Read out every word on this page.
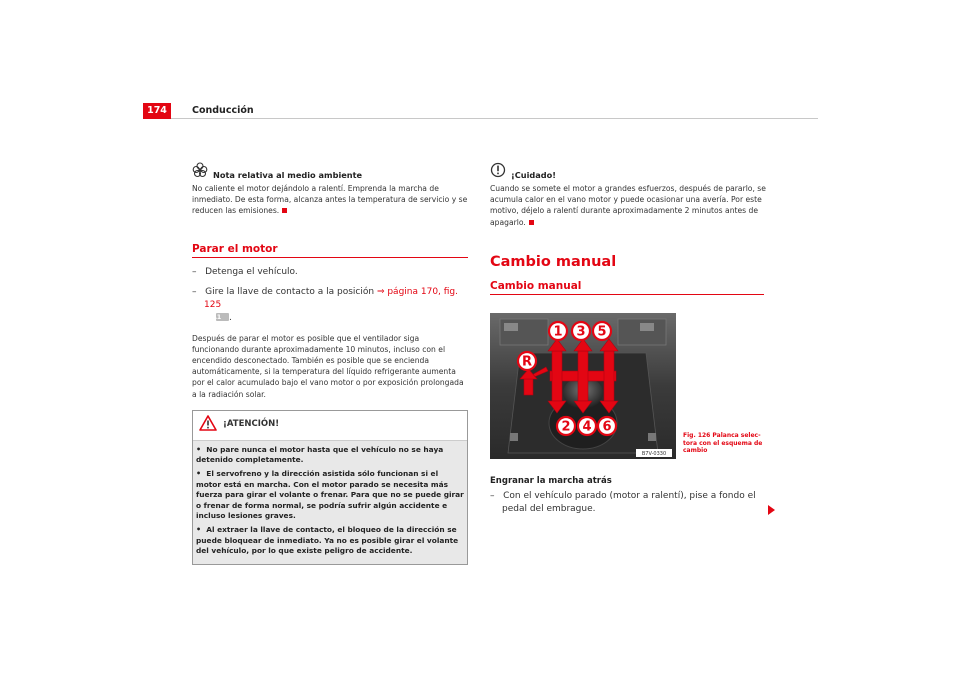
174	Conducción
Nota relativa al medio ambiente

No caliente el motor dejándolo a ralentí. Emprenda la marcha de inmediato. De esta forma, alcanza antes la temperatura de servicio y se reducen las emisiones.

Parar el motor
– Detenga el vehículo.
– Gire la llave de contacto a la posición ⇒ página 170, fig. 125
A1 .

Después de parar el motor es posible que el ventilador siga funcionando durante aproximadamente 10 minutos, incluso con el encendido desconectado. También es posible que se encienda automáticamente, si la temperatura del líquido refrigerante aumenta por el calor acumulado bajo el vano motor o por exposición prolongada a la radiación solar.

¡ATENCIÓN!

• No pare nunca el motor hasta que el vehículo no se haya detenido completamente.

• El servofreno y la dirección asistida sólo funcionan si el motor está en marcha. Con el motor parado se necesita más fuerza para girar el volante o frenar. Para que no se puede girar o frenar de forma normal, se podría sufrir algún accidente e incluso lesiones graves.

• Al extraer la llave de contacto, el bloqueo de la dirección se puede bloquear de inmediato. Ya no es posible girar el volante del vehículo, por lo que existe peligro de accidente.

¡Cuidado!

Cuando se somete el motor a grandes esfuerzos, después de pararlo, se acumula calor en el vano motor y puede ocasionar una avería. Por este motivo, déjelo a ralentí durante aproximadamente 2 minutos antes de apagarlo.

Cambio manual
Cambio manual
1 3 5
R
2 4 6
B7V-0330
Fig. 126 Palanca selec-tora con el esquema de cambio
Engranar la marcha atrás
– Con el vehículo parado (motor a ralentí), pise a fondo el pedal del embrague.
